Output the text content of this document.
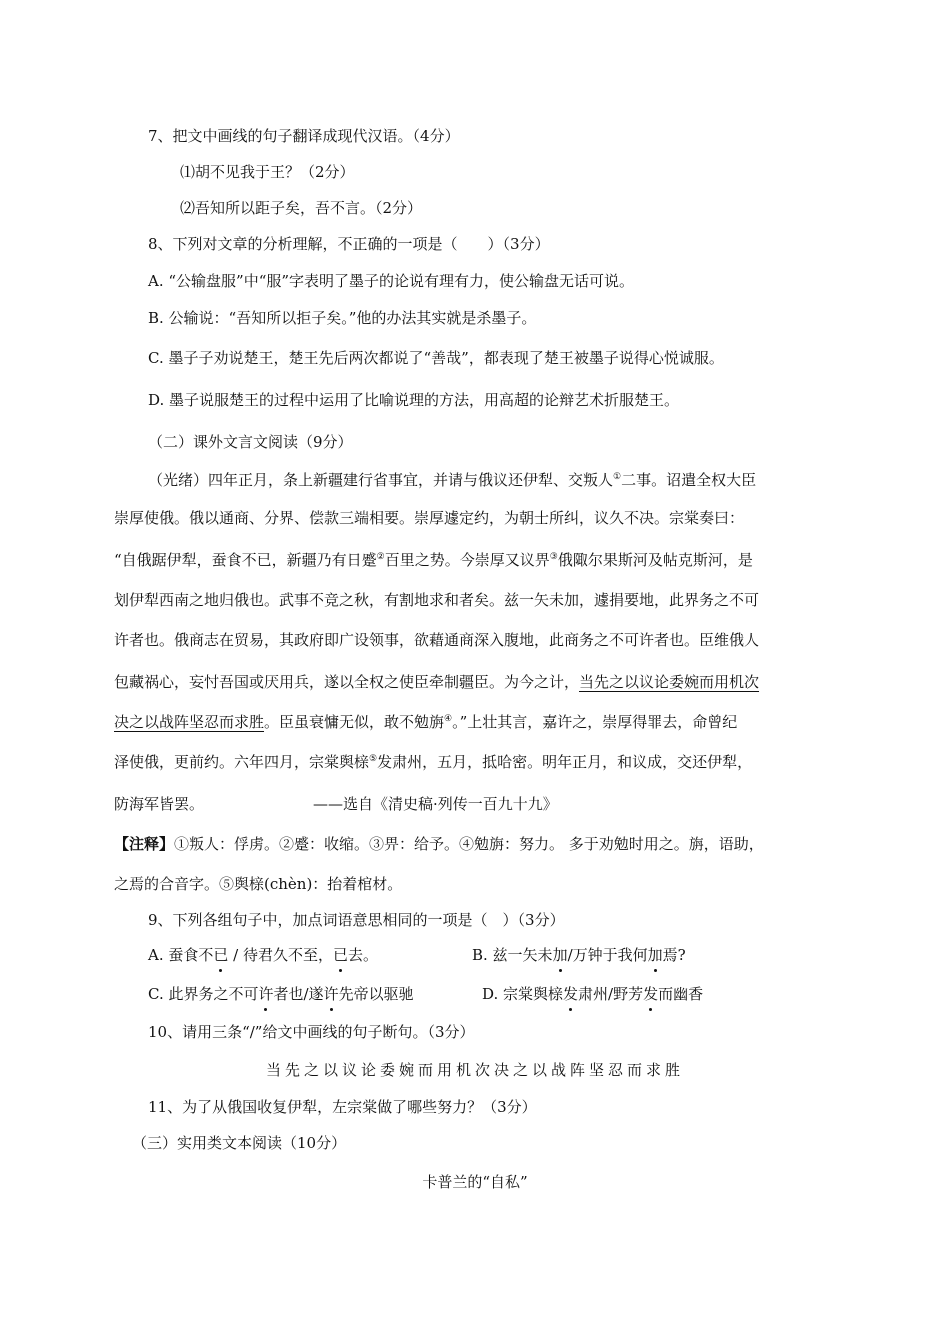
7、把文中画线的句子翻译成现代汉语。（4分）
⑴胡不见我于王？（2分）
⑵吾知所以距子矣，吾不言。（2分）
8、下列对文章的分析理解，不正确的一项是（　　）（3分）
A. “公输盘服”中“服”字表明了墨子的论说有理有力，使公输盘无话可说。
B. 公输说：“吾知所以拒子矣。”他的办法其实就是杀墨子。
C. 墨子子劝说楚王，楚王先后两次都说了“善哉”，都表现了楚王被墨子说得心悦诚服。
D. 墨子说服楚王的过程中运用了比喻说理的方法，用高超的论辩艺术折服楚王。
（二）课外文言文阅读（9分）
（光绪）四年正月，条上新疆建行省事宜，并请与俄议还伊犁、交叛人①二事。诏遣全权大臣
崇厚使俄。俄以通商、分界、偿款三端相要。崇厚遽定约，为朝士所纠，议久不决。宗棠奏曰：
“自俄踞伊犁，蚕食不已，新疆乃有日蹙②百里之势。今崇厚又议畀③俄陬尔果斯河及帖克斯河，是
划伊犁西南之地归俄也。武事不竞之秋，有割地求和者矣。兹一矢未加，遽捐要地，此界务之不可
许者也。俄商志在贸易，其政府即广设领事，欲藉通商深入腹地，此商务之不可许者也。臣维俄人
包藏祸心，妄忖吾国或厌用兵，遂以全权之使臣牵制疆臣。为今之计，当先之以议论委婉而用机次
决之以战阵坚忍而求胜。臣虽衰慵无似，敢不勉旃④。”上壮其言，嘉许之，崇厚得罪去，命曾纪
泽使俄，更前约。六年四月，宗棠舆榇⑤发肃州，五月，抵哈密。明年正月，和议成，交还伊犁，
防海军皆罢。	——选自《清史稿·列传一百九十九》
【注释】①叛人：俘虏。②蹙：收缩。③畀：给予。④勉旃：努力。 多于劝勉时用之。旃，语助，
之焉的合音字。⑤舆榇(chèn)：抬着棺材。
9、下列各组句子中，加点词语意思相同的一项是（　）（3分）
A. 蚕食不已 / 待君久不至，已去。	B. 兹一矢未加/万钟于我何加焉?
C. 此界务之不可许者也/遂许先帝以驱驰	D. 宗棠舆榇发肃州/野芳发而幽香
10、请用三条“/”给文中画线的句子断句。（3分）
当先之以议论委婉而用机次决之以战阵坚忍而求胜
11、为了从俄国收复伊犁，左宗棠做了哪些努力？（3分）
（三）实用类文本阅读（10分）
卡普兰的“自私”
